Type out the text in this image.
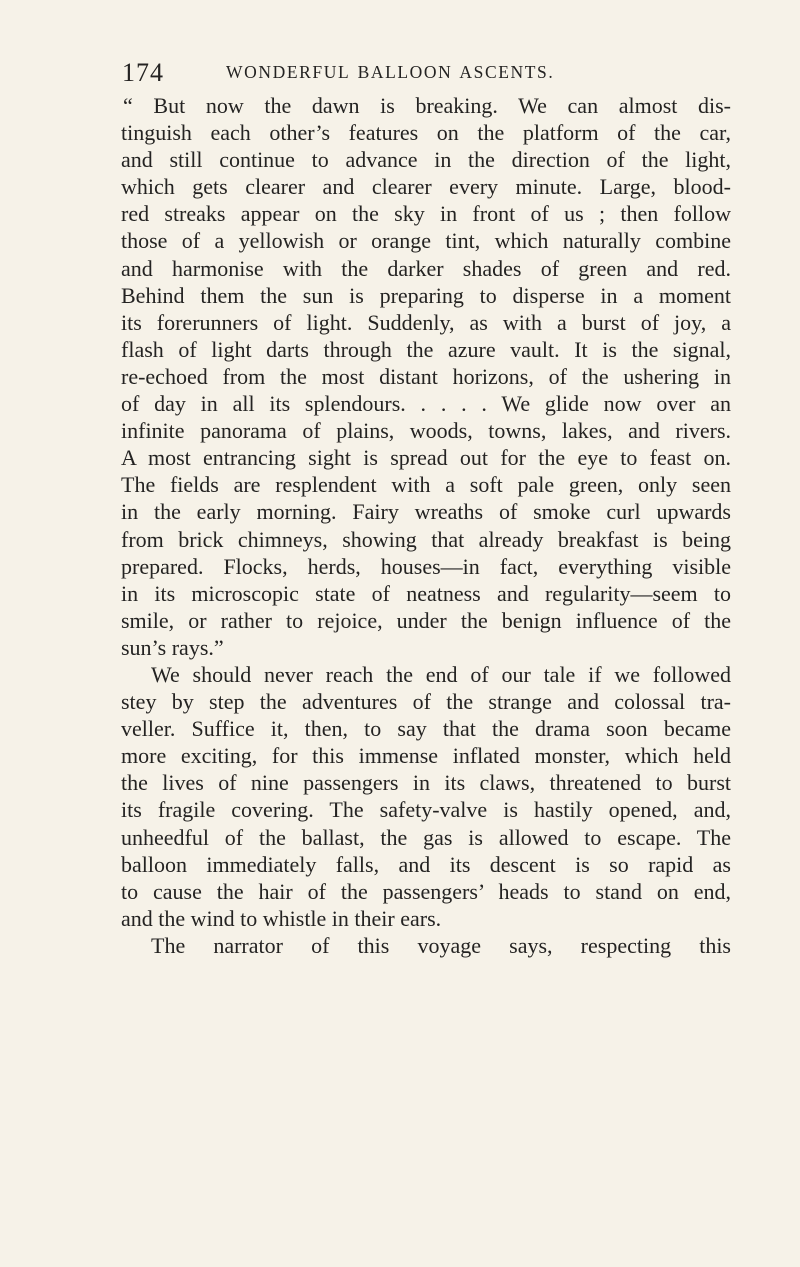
174	WONDERFUL BALLOON ASCENTS.
“ But now the dawn is breaking. We can almost dis-
tinguish each other’s features on the platform of the car,
and still continue to advance in the direction of the light,
which gets clearer and clearer every minute. Large, blood-
red streaks appear on the sky in front of us ; then follow
those of a yellowish or orange tint, which naturally combine
and harmonise with the darker shades of green and red.
Behind them the sun is preparing to disperse in a moment
its forerunners of light. Suddenly, as with a burst of joy, a
flash of light darts through the azure vault. It is the signal,
re-echoed from the most distant horizons, of the ushering in
of day in all its splendours. . . . . We glide now over an
infinite panorama of plains, woods, towns, lakes, and rivers.
A most entrancing sight is spread out for the eye to feast on.
The fields are resplendent with a soft pale green, only seen
in the early morning. Fairy wreaths of smoke curl upwards
from brick chimneys, showing that already breakfast is being
prepared. Flocks, herds, houses—in fact, everything visible
in its microscopic state of neatness and regularity—seem to
smile, or rather to rejoice, under the benign influence of the
sun’s rays.”
We should never reach the end of our tale if we followed
stey by step the adventures of the strange and colossal tra-
veller. Suffice it, then, to say that the drama soon became
more exciting, for this immense inflated monster, which held
the lives of nine passengers in its claws, threatened to burst
its fragile covering. The safety-valve is hastily opened, and,
unheedful of the ballast, the gas is allowed to escape. The
balloon immediately falls, and its descent is so rapid as
to cause the hair of the passengers’ heads to stand on end,
and the wind to whistle in their ears.
The narrator of this voyage says, respecting this
